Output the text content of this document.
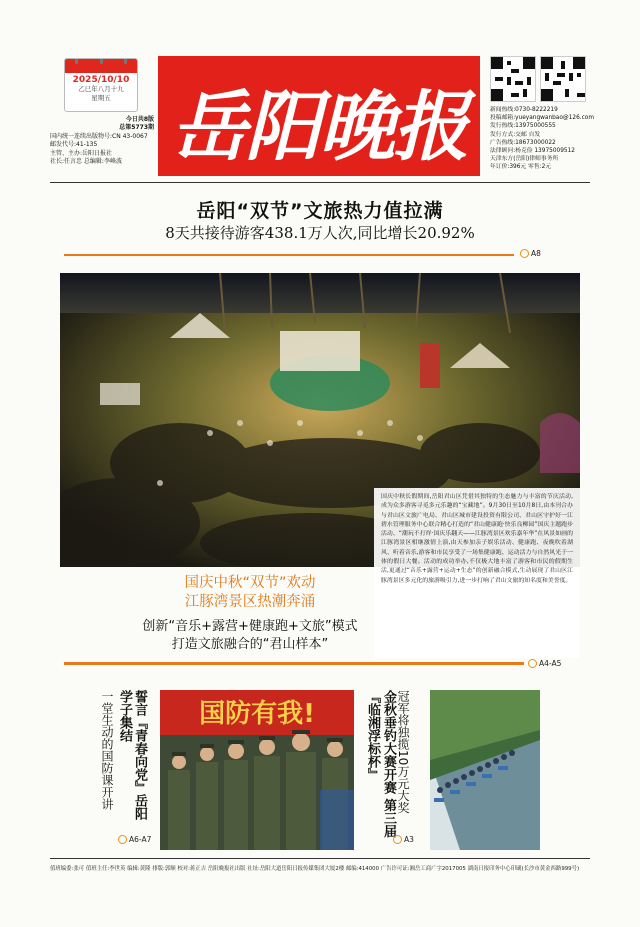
2025/10/10
乙巳年八月十九
星期五
今日共8版
总第5773期
国内统一连续出版物号:CN 43-0067
邮发代号:41-135
主管、主办:岳阳日报社
社长:任言忠 总编辑:李峰波 岳阳晚报	新闻热线:0730-8222219
投稿邮箱:yueyangwanbao@126.com
发行热线:13975000555
发行方式:交邮 自发
广告热线:18673000022
法律顾问:杨克俭 13975009512
天津东方(岳阳)律师事务所
年订价:396元 零售:2元
岳阳“双节”文旅热力值拉满
8天共接待游客438.1万人次,同比增长20.92%
A8
国庆中秋长假期间,岳阳君山区凭借其独特的生态魅力与丰富的节庆活动,成为众多游客寻觅多元乐趣的“宝藏地”。9月30日至10月8日,由本刊合办与君山区文旅广电局、君山区城市建设投资有限公司、君山区守护好一江碧水管理服务中心联合精心打造的“君山健康跑·快乐良柳园”国庆主题跑步活动、“潮玩不打烊·国庆乐翻天——江豚湾景区欢乐嘉年华”在风景如画的江豚湾景区相继激情上演,由天参加亲子娱乐活动、健康跑、夜晚吹着湖风、听着音乐,游客和市民享受了一场集健康跑、运动活力与自然风光于一体的假日大餐。活动的成功举办,不仅极大地丰富了游客和市民的假期生活,更通过“音乐+露营+运动+生态”的创新融合模式,生动展现了君山区江豚湾景区多元化的旅游吸引力,进一步打响了君山文旅的知名度和美誉度。
国庆中秋“双节”欢动
江豚湾景区热潮奔涌
创新“音乐+露营+健康跑+文旅”模式
打造文旅融合的“君山样本”
A4-A5
一堂生动的国防课开讲	誓言『青春向党』岳阳学子集结
A6-A7
国防有我!	冠军将独揽10万元大奖
金秋垂钓大赛开赛 第三届『临湘浮标杯』
A3
值班编委:张可 值班主任:李世英 编辑:黄隆 排版:郭顺 校对:蒋正吉 岳阳晚报社出版 社址:岳阳大道岳阳日报传媒集团大厦2楼 邮编:414000 广告许可证:湘岳工商广字2017005 湖南日报印务中心印刷(长沙市黄金西路999号)
